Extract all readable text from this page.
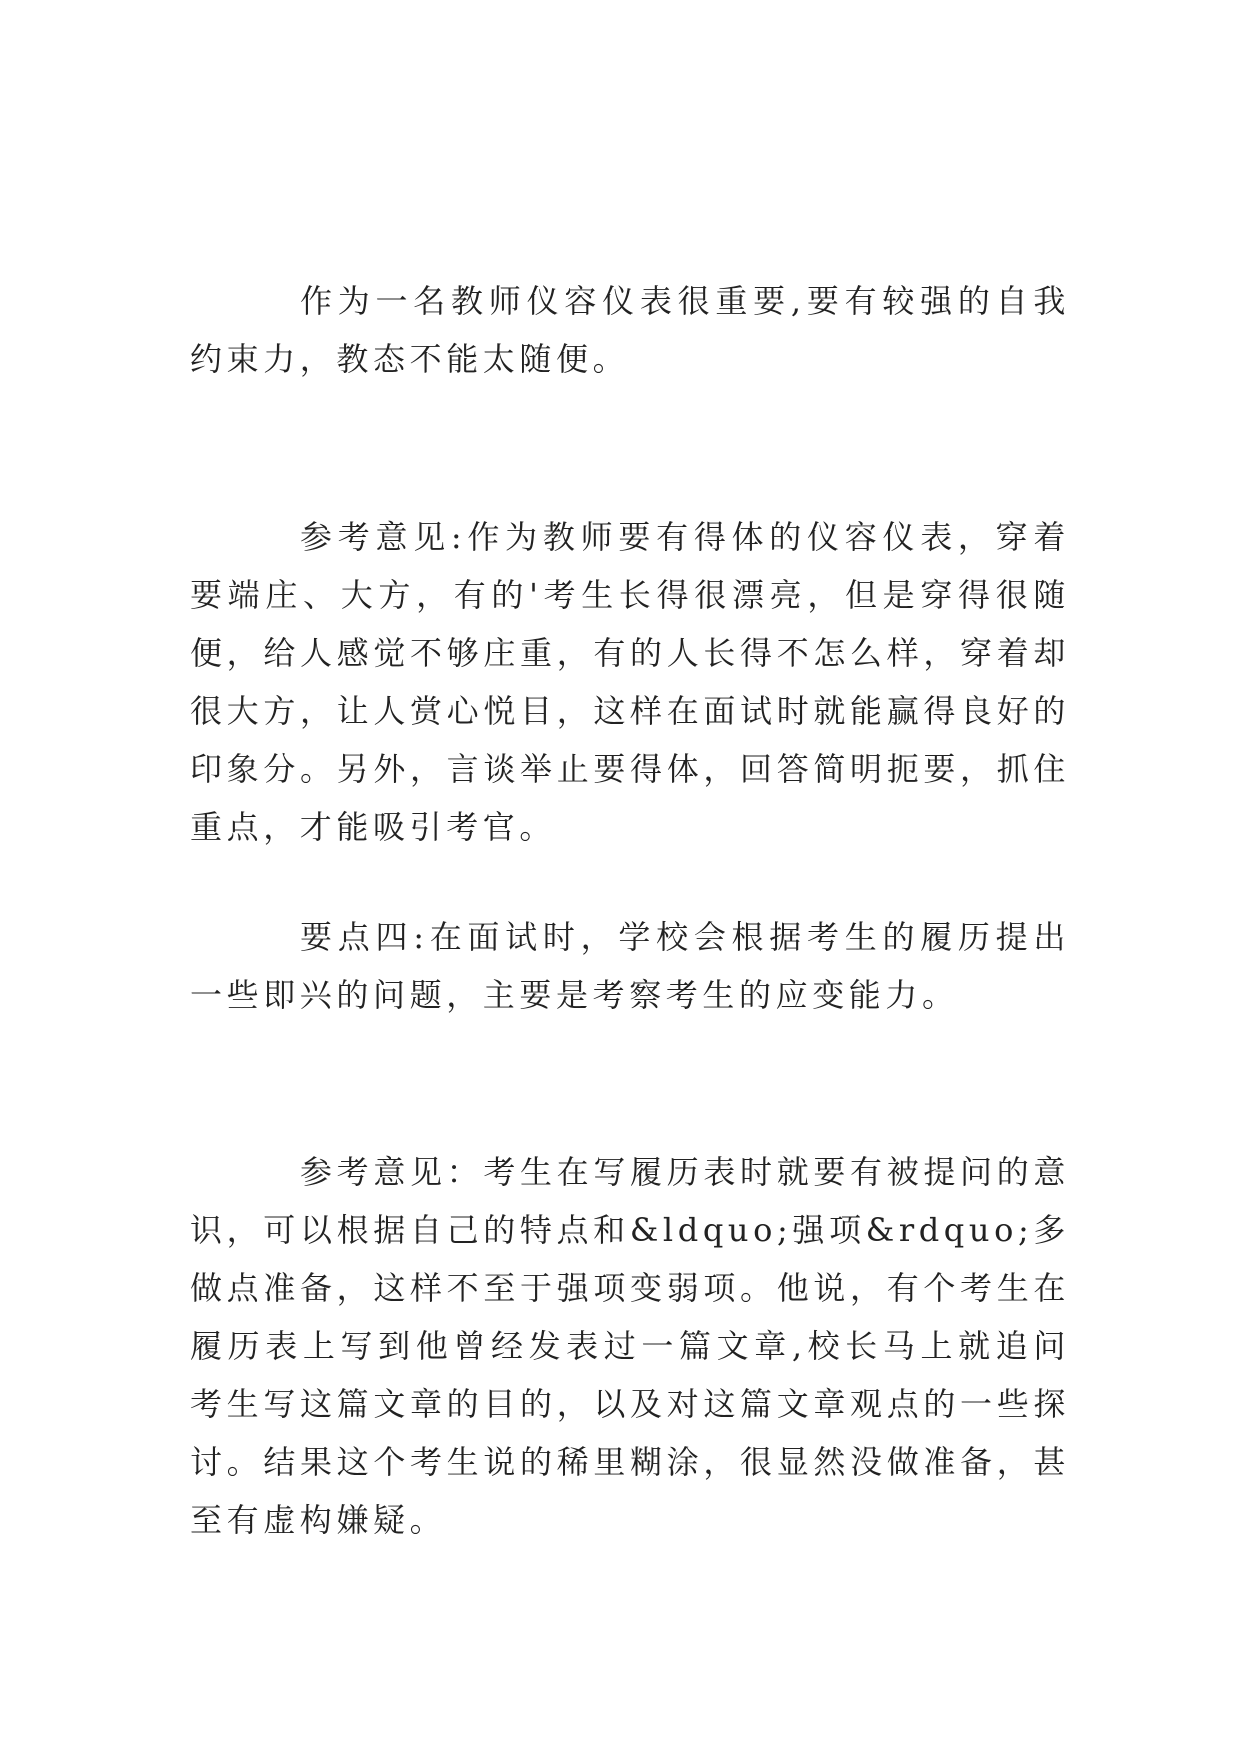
作为一名教师仪容仪表很重要,要有较强的自我约束力，教态不能太随便。

参考意见:作为教师要有得体的仪容仪表，穿着要端庄、大方，有的'考生长得很漂亮，但是穿得很随便，给人感觉不够庄重，有的人长得不怎么样，穿着却很大方，让人赏心悦目，这样在面试时就能赢得良好的印象分。另外，言谈举止要得体，回答简明扼要，抓住重点，才能吸引考官。

要点四:在面试时，学校会根据考生的履历提出一些即兴的问题，主要是考察考生的应变能力。

参考意见：考生在写履历表时就要有被提问的意识，可以根据自己的特点和&ldquo;强项&rdquo;多做点准备，这样不至于强项变弱项。他说，有个考生在履历表上写到他曾经发表过一篇文章,校长马上就追问考生写这篇文章的目的，以及对这篇文章观点的一些探讨。结果这个考生说的稀里糊涂，很显然没做准备，甚至有虚构嫌疑。
